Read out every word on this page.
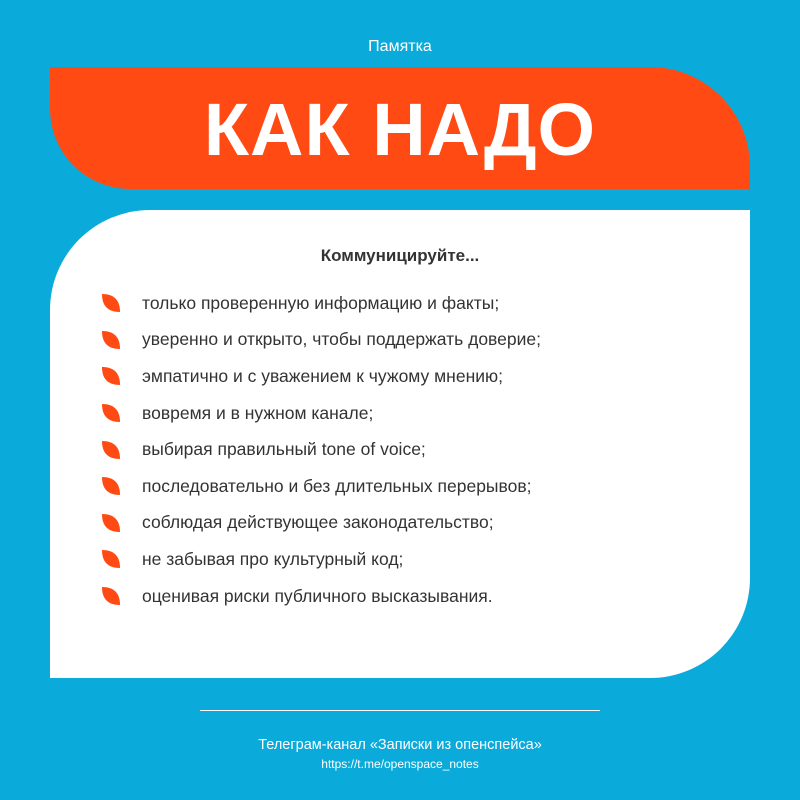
Памятка
КАК НАДО
Коммуницируйте...
только проверенную информацию и факты;
уверенно и открыто, чтобы поддержать доверие;
эмпатично и с уважением к чужому мнению;
вовремя и в нужном канале;
выбирая правильный tone of voice;
последовательно и без длительных перерывов;
соблюдая действующее законодательство;
не забывая про культурный код;
оценивая риски публичного высказывания.
Телеграм-канал «Записки из опенспейса»
https://t.me/openspace_notes
